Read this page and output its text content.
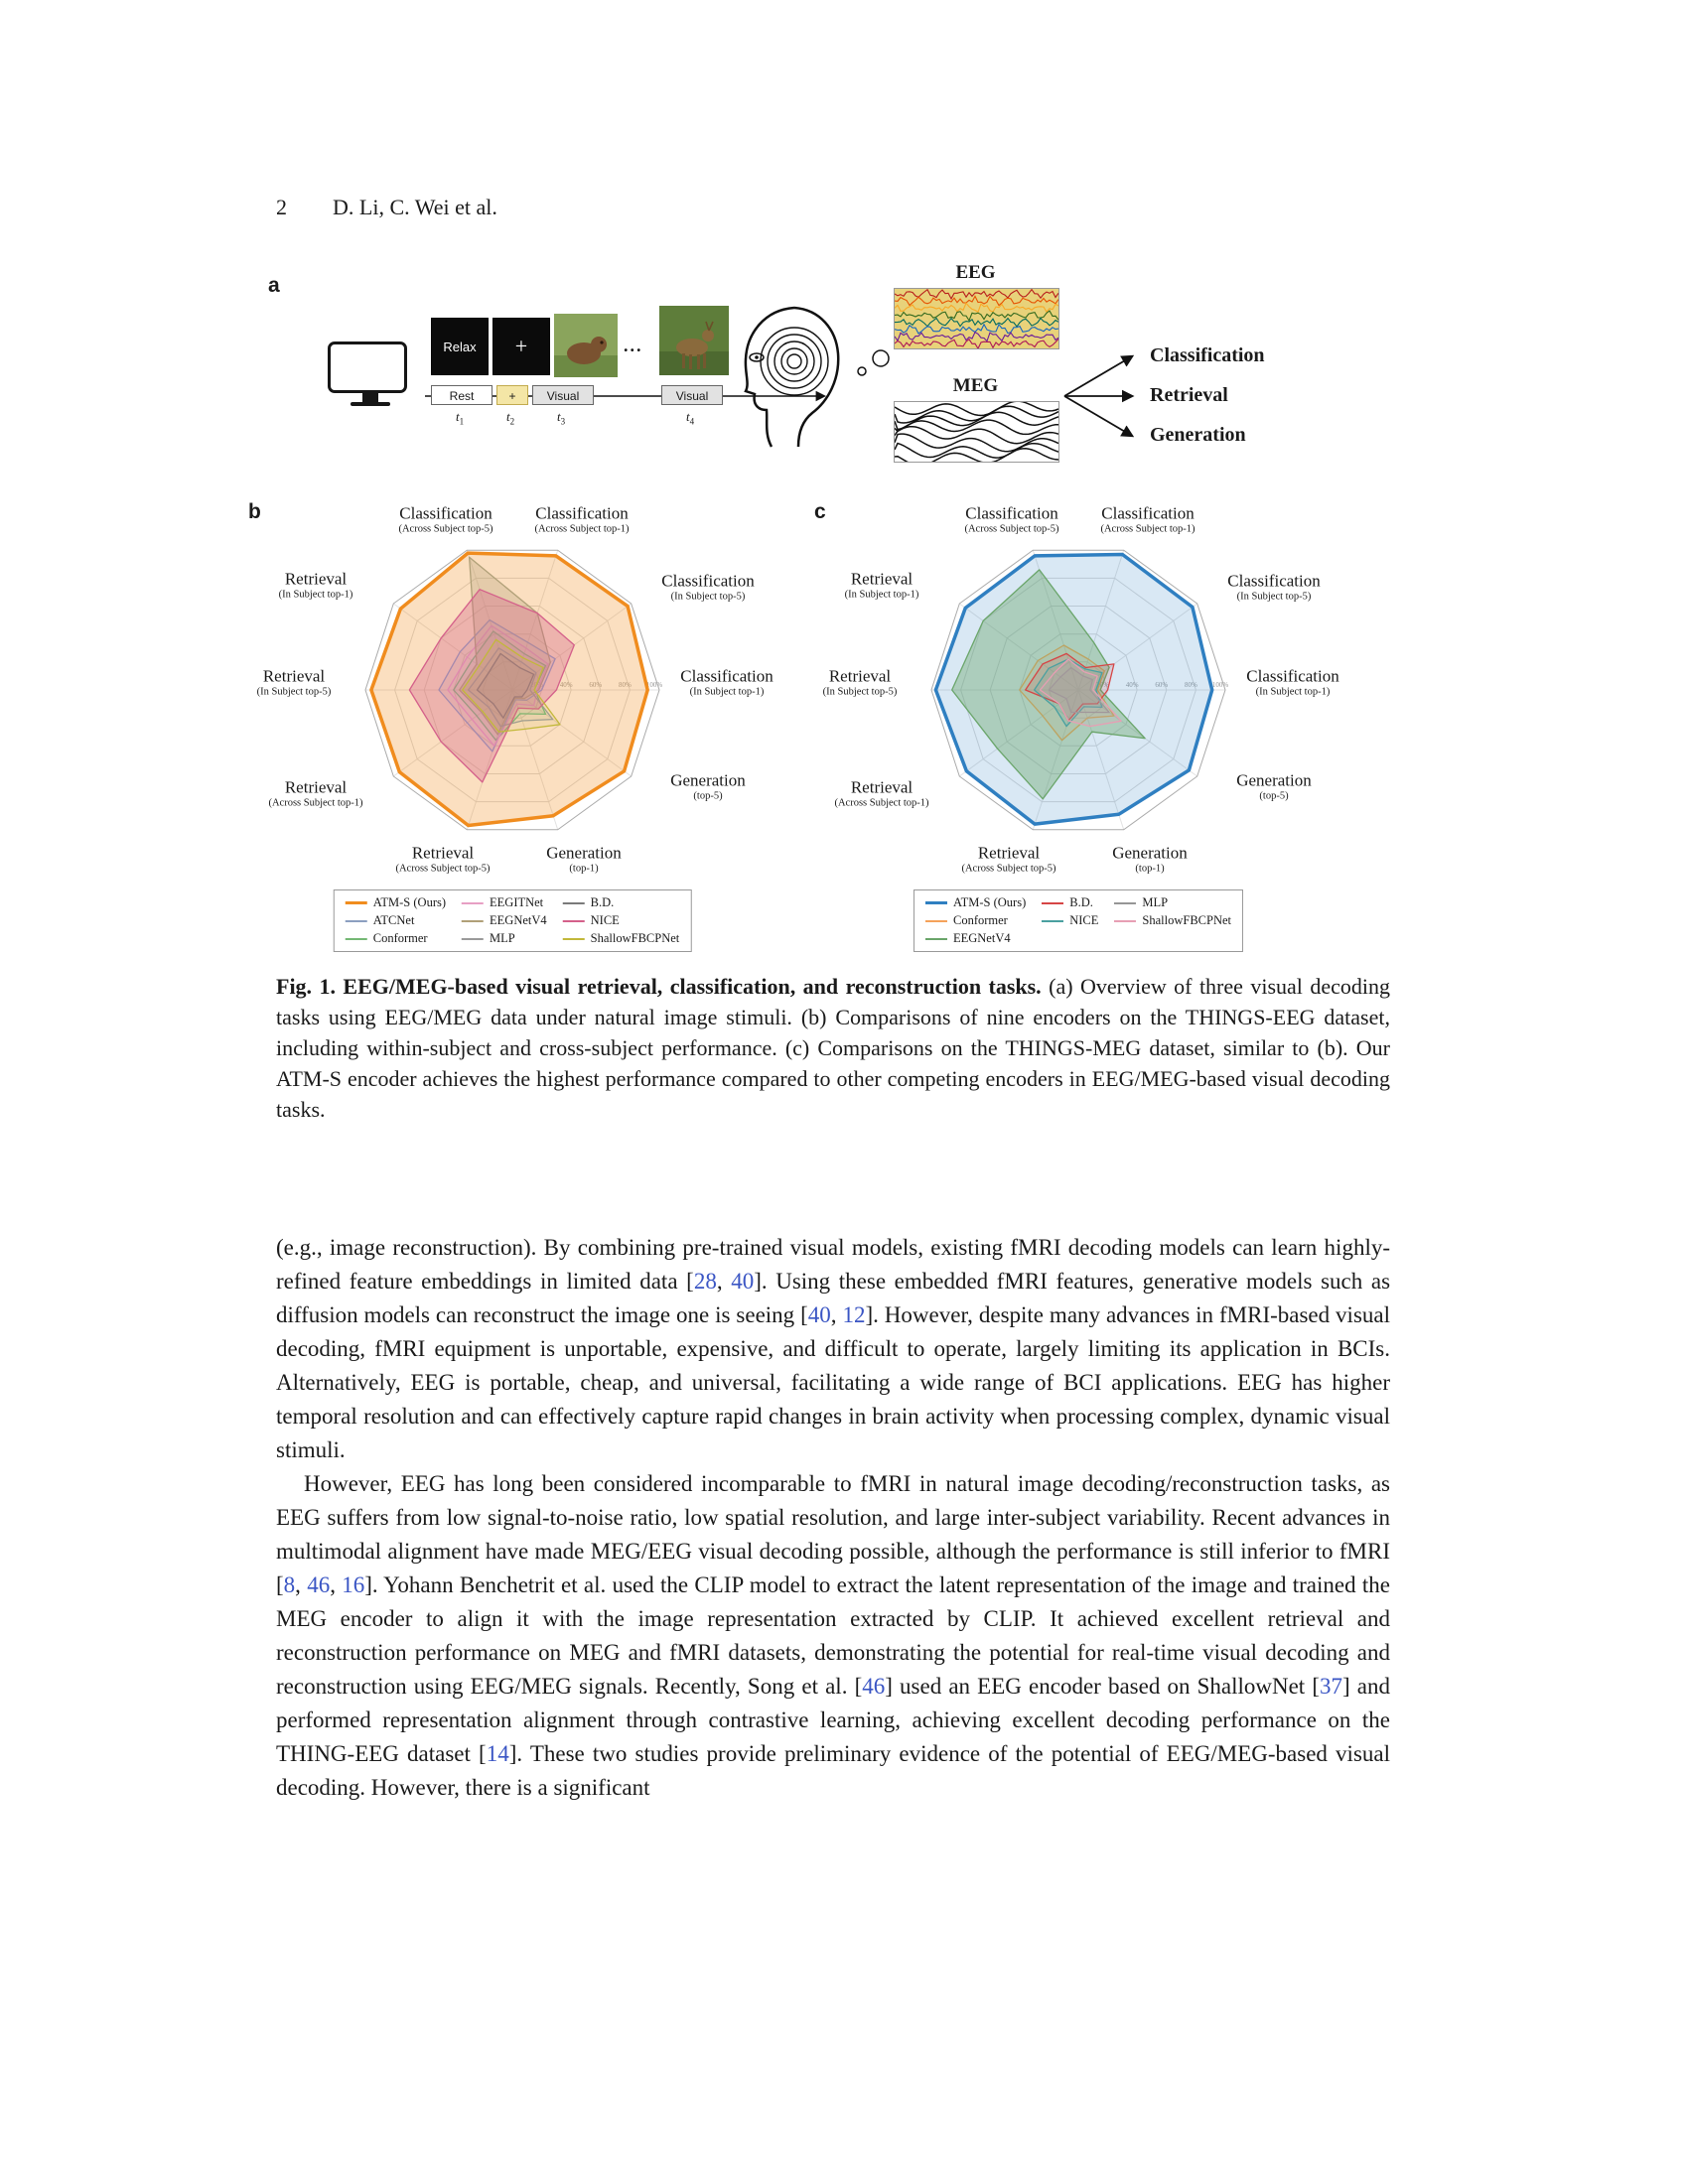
2 D. Li, C. Wei et al.
a
Relax +	...
Rest	+	Visual	Visual
$t_1$	$t_2$	$t_3$	$t_4$
EEG
MEG
Classification
Retrieval
Generation
b
20% 40% 60% 80% 100%
ATM-S (Ours)
ATCNet
Conformer
EEGITNet
EEGNetV4
MLP
B.D.
NICE
ShallowFBCPNet
Classification
(Across Subject top-5)
Classification
(Across Subject top-1)
Classification
(In Subject top-5)
Classification
(In Subject top-1)
Generation
(top-5)
Generation
(top-1)
Retrieval
(Across Subject top-5)
Retrieval
(Across Subject top-1)
Retrieval
(In Subject top-5)
Retrieval
(In Subject top-1)
c
20% 40% 60% 80% 100%
ATM-S (Ours)
Conformer
EEGNetV4
B.D.
NICE
MLP
ShallowFBCPNet
Classification
(Across Subject top-5)
Classification
(Across Subject top-1)
Classification
(In Subject top-5)
Classification
(In Subject top-1)
Generation
(top-5)
Generation
(top-1)
Retrieval
(Across Subject top-5)
Retrieval
(Across Subject top-1)
Retrieval
(In Subject top-5)
Retrieval
(In Subject top-1)
Fig. 1. EEG/MEG-based visual retrieval, classification, and reconstruction tasks. (a) Overview of three visual decoding tasks using EEG/MEG data under natural image stimuli. (b) Comparisons of nine encoders on the THINGS-EEG dataset, including within-subject and cross-subject performance. (c) Comparisons on the THINGS-MEG dataset, similar to (b). Our ATM-S encoder achieves the highest performance compared to other competing encoders in EEG/MEG-based visual decoding tasks.

(e.g., image reconstruction). By combining pre-trained visual models, existing fMRI decoding models can learn highly-refined feature embeddings in limited data [28, 40]. Using these embedded fMRI features, generative models such as diffusion models can reconstruct the image one is seeing [40, 12]. However, despite many advances in fMRI-based visual decoding, fMRI equipment is unportable, expensive, and difficult to operate, largely limiting its application in BCIs. Alternatively, EEG is portable, cheap, and universal, facilitating a wide range of BCI applications. EEG has higher temporal resolution and can effectively capture rapid changes in brain activity when processing complex, dynamic visual stimuli.

However, EEG has long been considered incomparable to fMRI in natural image decoding/reconstruction tasks, as EEG suffers from low signal-to-noise ratio, low spatial resolution, and large inter-subject variability. Recent advances in multimodal alignment have made MEG/EEG visual decoding possible, although the performance is still inferior to fMRI [8, 46, 16]. Yohann Benchetrit et al. used the CLIP model to extract the latent representation of the image and trained the MEG encoder to align it with the image representation extracted by CLIP. It achieved excellent retrieval and reconstruction performance on MEG and fMRI datasets, demonstrating the potential for real-time visual decoding and reconstruction using EEG/MEG signals. Recently, Song et al. [46] used an EEG encoder based on ShallowNet [37] and performed representation alignment through contrastive learning, achieving excellent decoding performance on the THING-EEG dataset [14]. These two studies provide preliminary evidence of the potential of EEG/MEG-based visual decoding. However, there is a significant
